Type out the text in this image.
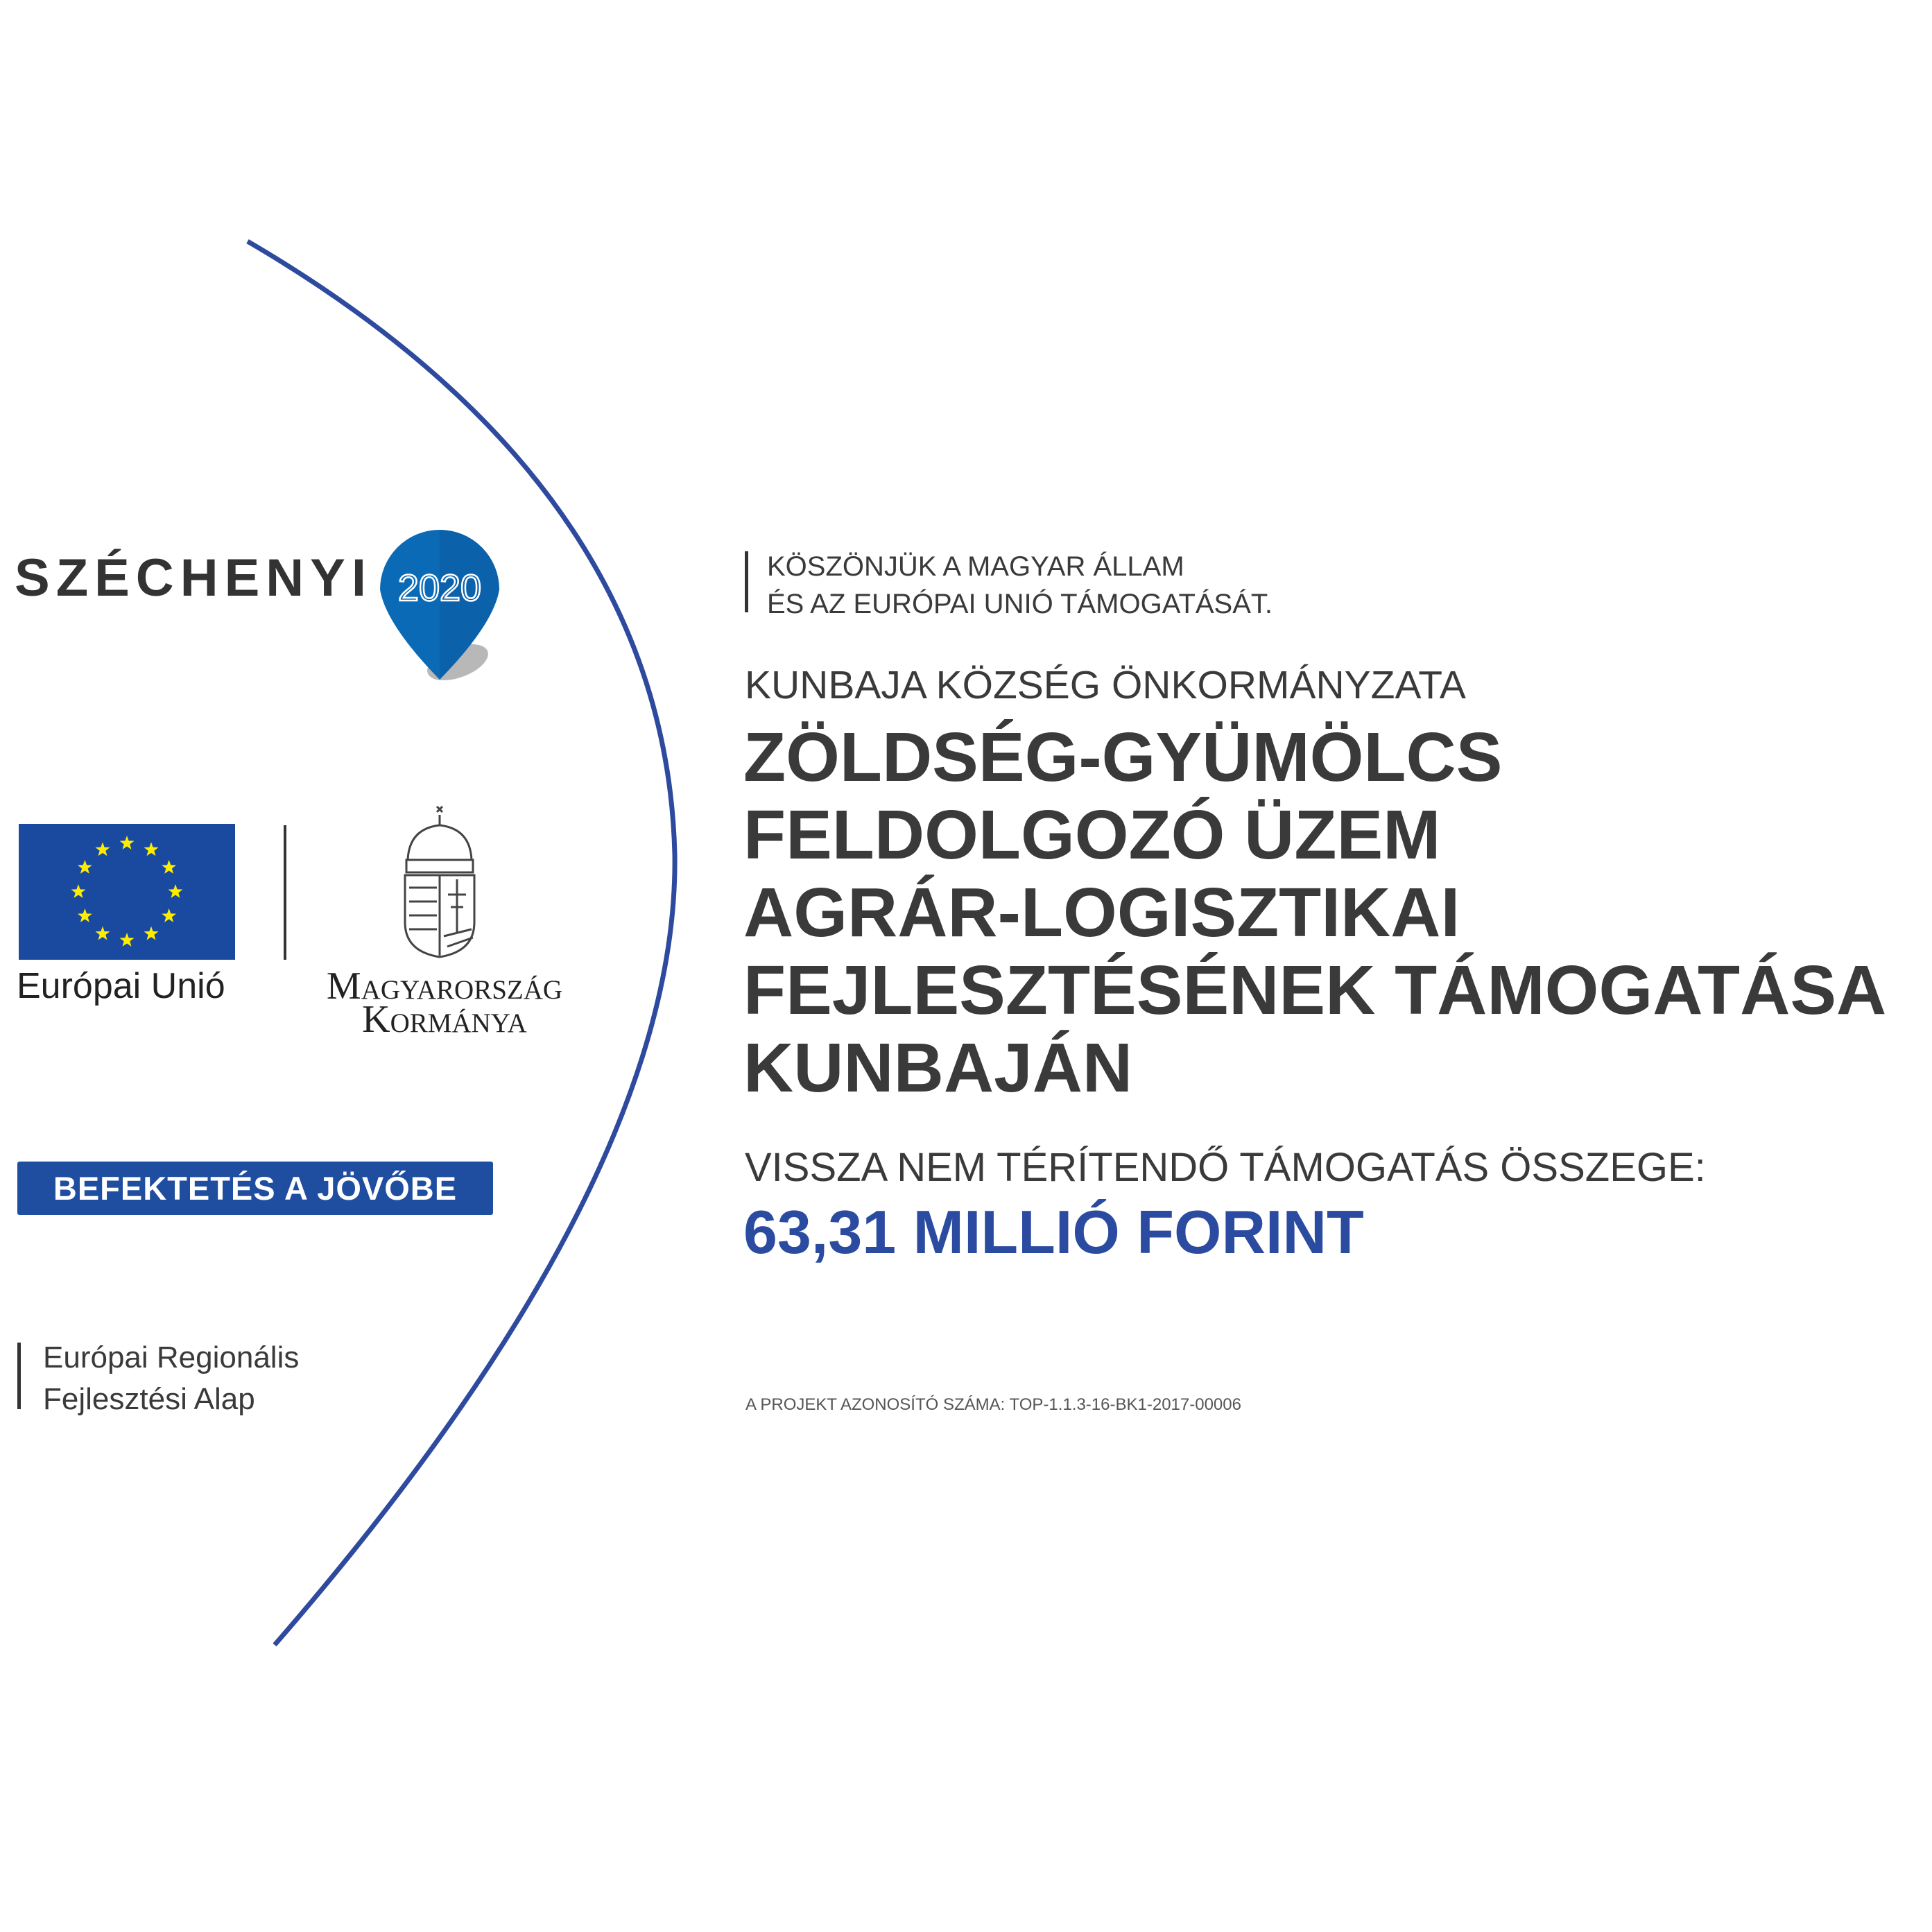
2020
SZÉCHENYI
Európai Unió	Magyarország
Kormánya
BEFEKTETÉS A JÖVŐBE
Európai Regionális
Fejlesztési Alap
KÖSZÖNJÜK A MAGYAR ÁLLAM
ÉS AZ EURÓPAI UNIÓ TÁMOGATÁSÁT.
KUNBAJA KÖZSÉG ÖNKORMÁNYZATA
ZÖLDSÉG-GYÜMÖLCS
FELDOLGOZÓ ÜZEM
AGRÁR-LOGISZTIKAI
FEJLESZTÉSÉNEK TÁMOGATÁSA
KUNBAJÁN
VISSZA NEM TÉRÍTENDŐ TÁMOGATÁS ÖSSZEGE:
63,31 MILLIÓ FORINT
A PROJEKT AZONOSÍTÓ SZÁMA: TOP-1.1.3-16-BK1-2017-00006
